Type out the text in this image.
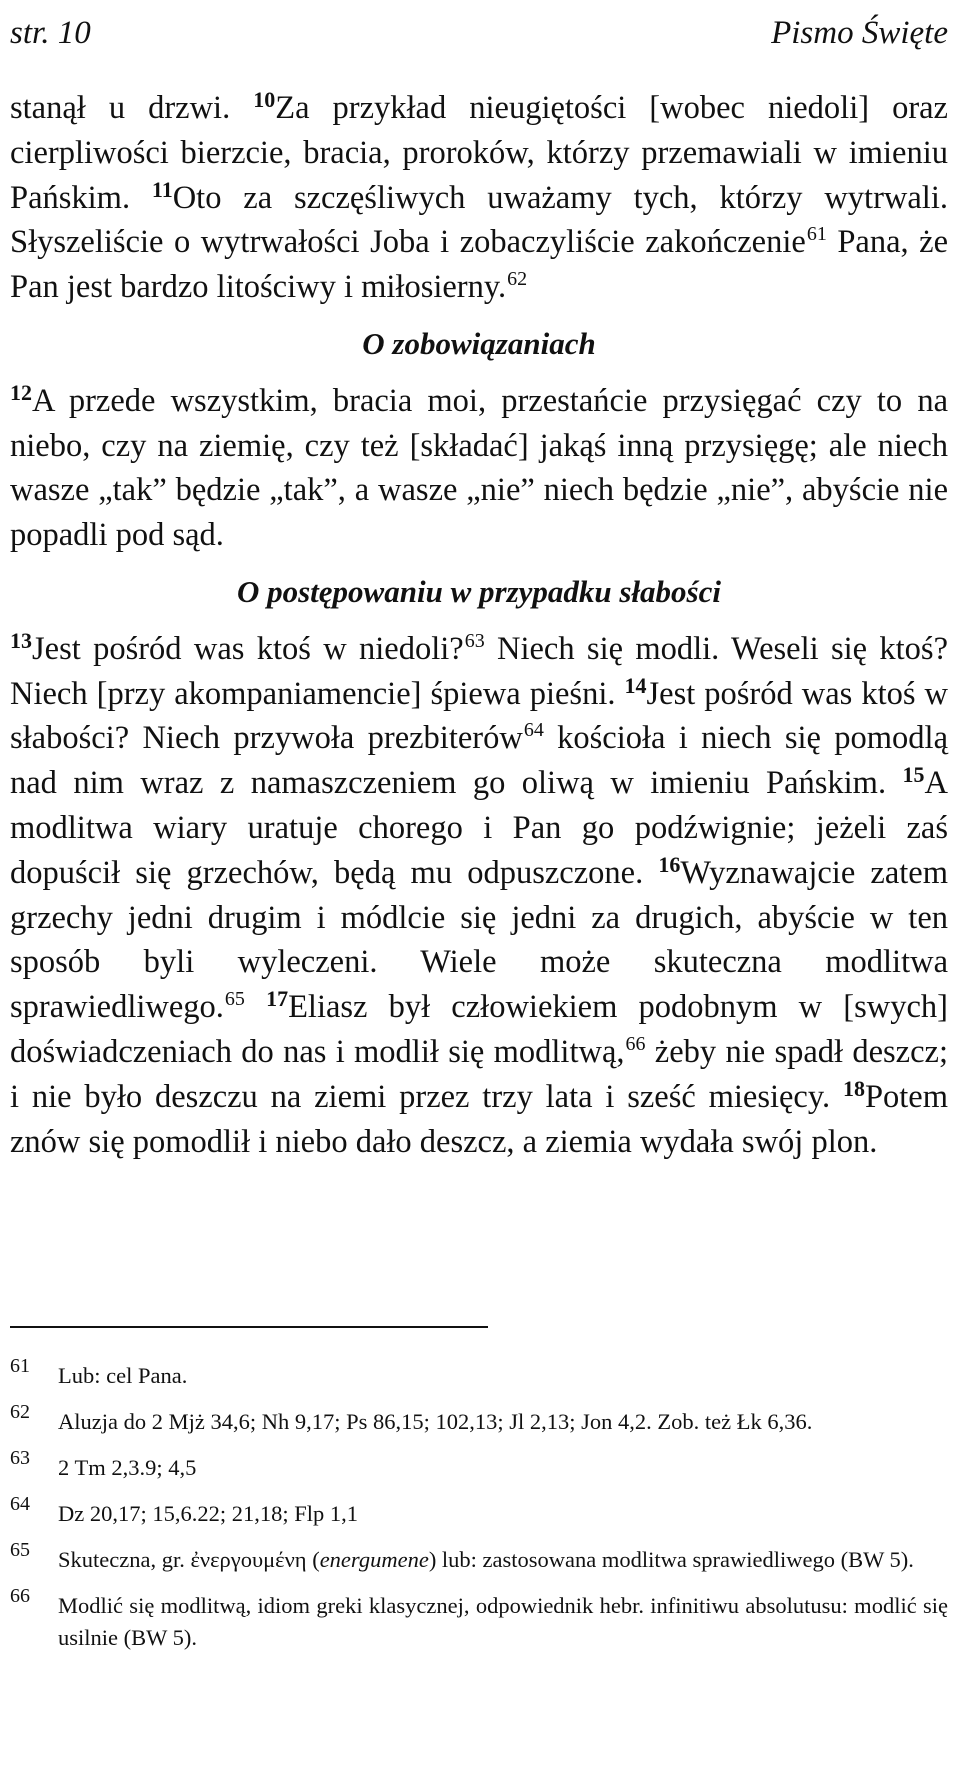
str. 10	Pismo Święte

stanął u drzwi. $^{10}$Za przykład nieugiętości [wobec niedoli] oraz cierpliwości bierzcie, bracia, proroków, którzy przemawiali w imieniu Pańskim. $^{11}$Oto za szczęśliwych uważamy tych, którzy wytrwali. Słyszeliście o wytrwałości Joba i zobaczyliście zakończenie$^{61}$ Pana, że Pan jest bardzo litościwy i miłosierny.$^{62}$

O zobowiązaniach

$^{12}$A przede wszystkim, bracia moi, przestańcie przysięgać czy to na niebo, czy na ziemię, czy też [składać] jakąś inną przysięgę; ale niech wasze „tak” będzie „tak”, a wasze „nie” niech będzie „nie”, abyście nie popadli pod sąd.

O postępowaniu w przypadku słabości

$^{13}$Jest pośród was ktoś w niedoli?$^{63}$ Niech się modli. Weseli się ktoś? Niech [przy akompaniamencie] śpiewa pieśni. $^{14}$Jest pośród was ktoś w słabości? Niech przywoła prezbiterów$^{64}$ kościoła i niech się pomodlą nad nim wraz z namaszczeniem go oliwą w imieniu Pańskim. $^{15}$A modlitwa wiary uratuje chorego i Pan go podźwignie; jeżeli zaś dopuścił się grzechów, będą mu odpuszczone. $^{16}$Wyznawajcie zatem grzechy jedni drugim i módlcie się jedni za drugich, abyście w ten sposób byli wyleczeni. Wiele może skuteczna modlitwa sprawiedliwego.$^{65}$ $^{17}$Eliasz był człowiekiem podobnym w [swych] doświadczeniach do nas i modlił się modlitwą,$^{66}$ żeby nie spadł deszcz; i nie było deszczu na ziemi przez trzy lata i sześć miesięcy. $^{18}$Potem znów się pomodlił i niebo dało deszcz, a ziemia wydała swój plon.

61 Lub: cel Pana.
62 Aluzja do 2 Mjż 34,6; Nh 9,17; Ps 86,15; 102,13; Jl 2,13; Jon 4,2. Zob. też Łk 6,36.
63 2 Tm 2,3.9; 4,5
64 Dz 20,17; 15,6.22; 21,18; Flp 1,1
65 Skuteczna, gr. ἐνεργουμένη (energumene) lub: zastosowana modlitwa sprawiedliwego (BW 5).
66 Modlić się modlitwą, idiom greki klasycznej, odpowiednik hebr. infinitiwu absolutusu: modlić się usilnie (BW 5).
